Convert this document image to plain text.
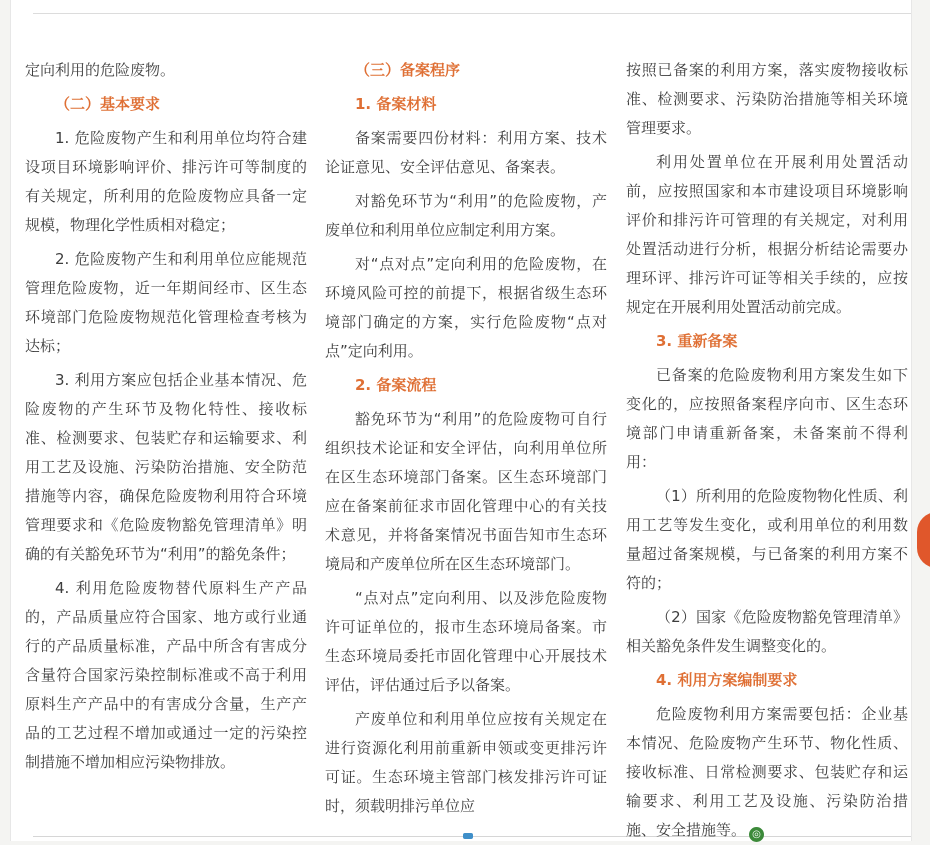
定向利用的危险废物。

（二）基本要求

1. 危险废物产生和利用单位均符合建设项目环境影响评价、排污许可等制度的有关规定，所利用的危险废物应具备一定规模，物理化学性质相对稳定；

2. 危险废物产生和利用单位应能规范管理危险废物，近一年期间经市、区生态环境部门危险废物规范化管理检查考核为达标；

3. 利用方案应包括企业基本情况、危险废物的产生环节及物化特性、接收标准、检测要求、包装贮存和运输要求、利用工艺及设施、污染防治措施、安全防范措施等内容，确保危险废物利用符合环境管理要求和《危险废物豁免管理清单》明确的有关豁免环节为“利用”的豁免条件；

4. 利用危险废物替代原料生产产品的，产品质量应符合国家、地方或行业通行的产品质量标准，产品中所含有害成分含量符合国家污染控制标准或不高于利用原料生产产品中的有害成分含量，生产产品的工艺过程不增加或通过一定的污染控制措施不增加相应污染物排放。

（三）备案程序
1. 备案材料

备案需要四份材料：利用方案、技术论证意见、安全评估意见、备案表。

对豁免环节为“利用”的危险废物，产废单位和利用单位应制定利用方案。

对“点对点”定向利用的危险废物，在环境风险可控的前提下，根据省级生态环境部门确定的方案，实行危险废物“点对点”定向利用。

2. 备案流程

豁免环节为“利用”的危险废物可自行组织技术论证和安全评估，向利用单位所在区生态环境部门备案。区生态环境部门应在备案前征求市固化管理中心的有关技术意见，并将备案情况书面告知市生态环境局和产废单位所在区生态环境部门。

“点对点”定向利用、以及涉危险废物许可证单位的，报市生态环境局备案。市生态环境局委托市固化管理中心开展技术评估，评估通过后予以备案。

产废单位和利用单位应按有关规定在进行资源化利用前重新申领或变更排污许可证。生态环境主管部门核发排污许可证时，须载明排污单位应

按照已备案的利用方案，落实废物接收标准、检测要求、污染防治措施等相关环境管理要求。

利用处置单位在开展利用处置活动前，应按照国家和本市建设项目环境影响评价和排污许可管理的有关规定，对利用处置活动进行分析，根据分析结论需要办理环评、排污许可证等相关手续的，应按规定在开展利用处置活动前完成。

3. 重新备案

已备案的危险废物利用方案发生如下变化的，应按照备案程序向市、区生态环境部门申请重新备案，未备案前不得利用：

（1）所利用的危险废物物化性质、利用工艺等发生变化，或利用单位的利用数量超过备案规模，与已备案的利用方案不符的；

（2）国家《危险废物豁免管理清单》相关豁免条件发生调整变化的。

4. 利用方案编制要求

危险废物利用方案需要包括：企业基本情况、危险废物产生环节、物化性质、接收标准、日常检测要求、包装贮存和运输要求、利用工艺及设施、污染防治措施、安全措施等。 ◎
